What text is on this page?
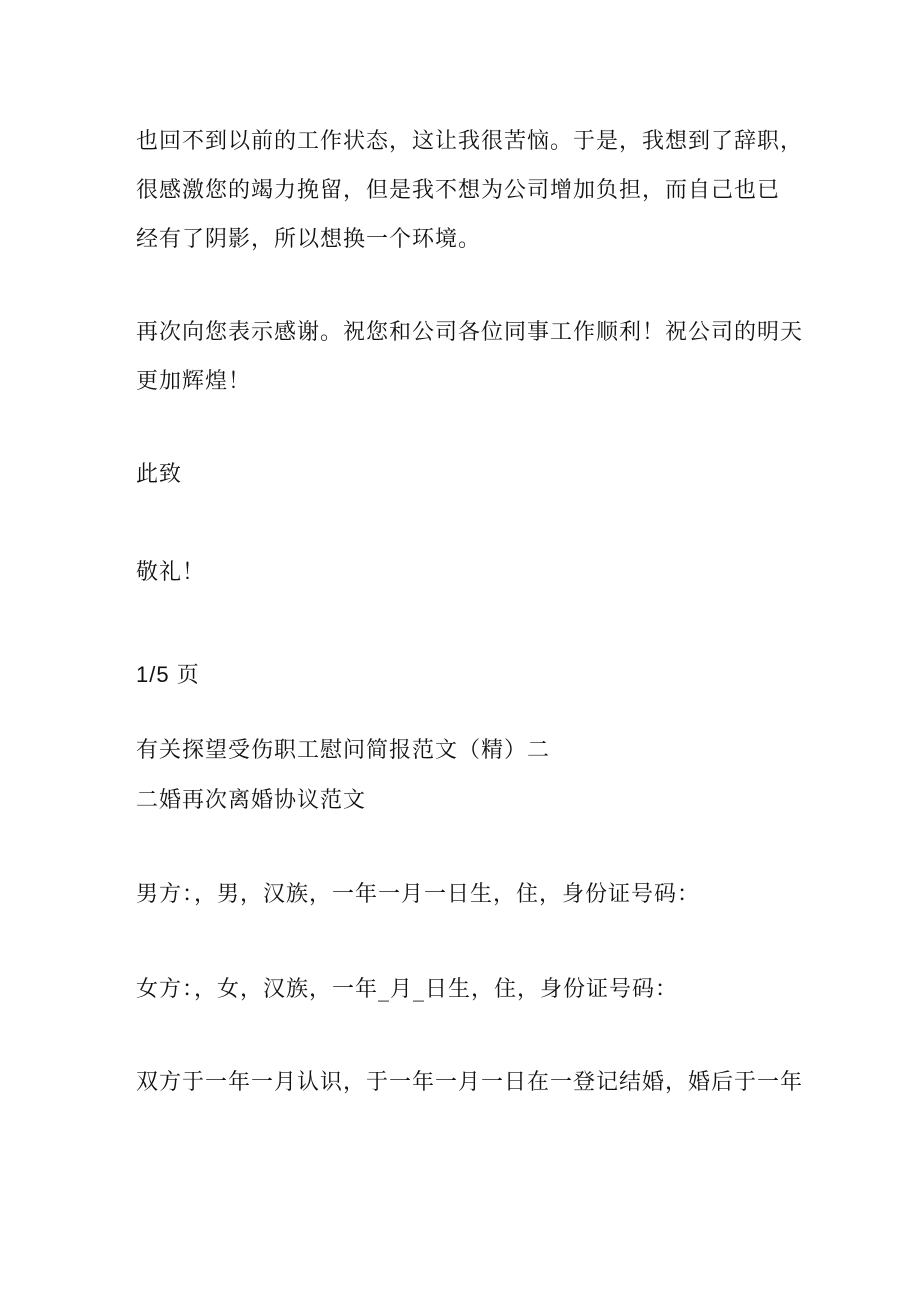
也回不到以前的工作状态，这让我很苦恼。于是，我想到了辞职，
很感激您的竭力挽留，但是我不想为公司增加负担，而自己也已
经有了阴影，所以想换一个环境。
再次向您表示感谢。祝您和公司各位同事工作顺利！祝公司的明天
更加辉煌！
此致
敬礼！
1/5 页
有关探望受伤职工慰问简报范文（精）二
二婚再次离婚协议范文
男方：，男，汉族，一年一月一日生，住，身份证号码：
女方：，女，汉族，一年_月_日生，住，身份证号码：
双方于一年一月认识，于一年一月一日在一登记结婚，婚后于一年
